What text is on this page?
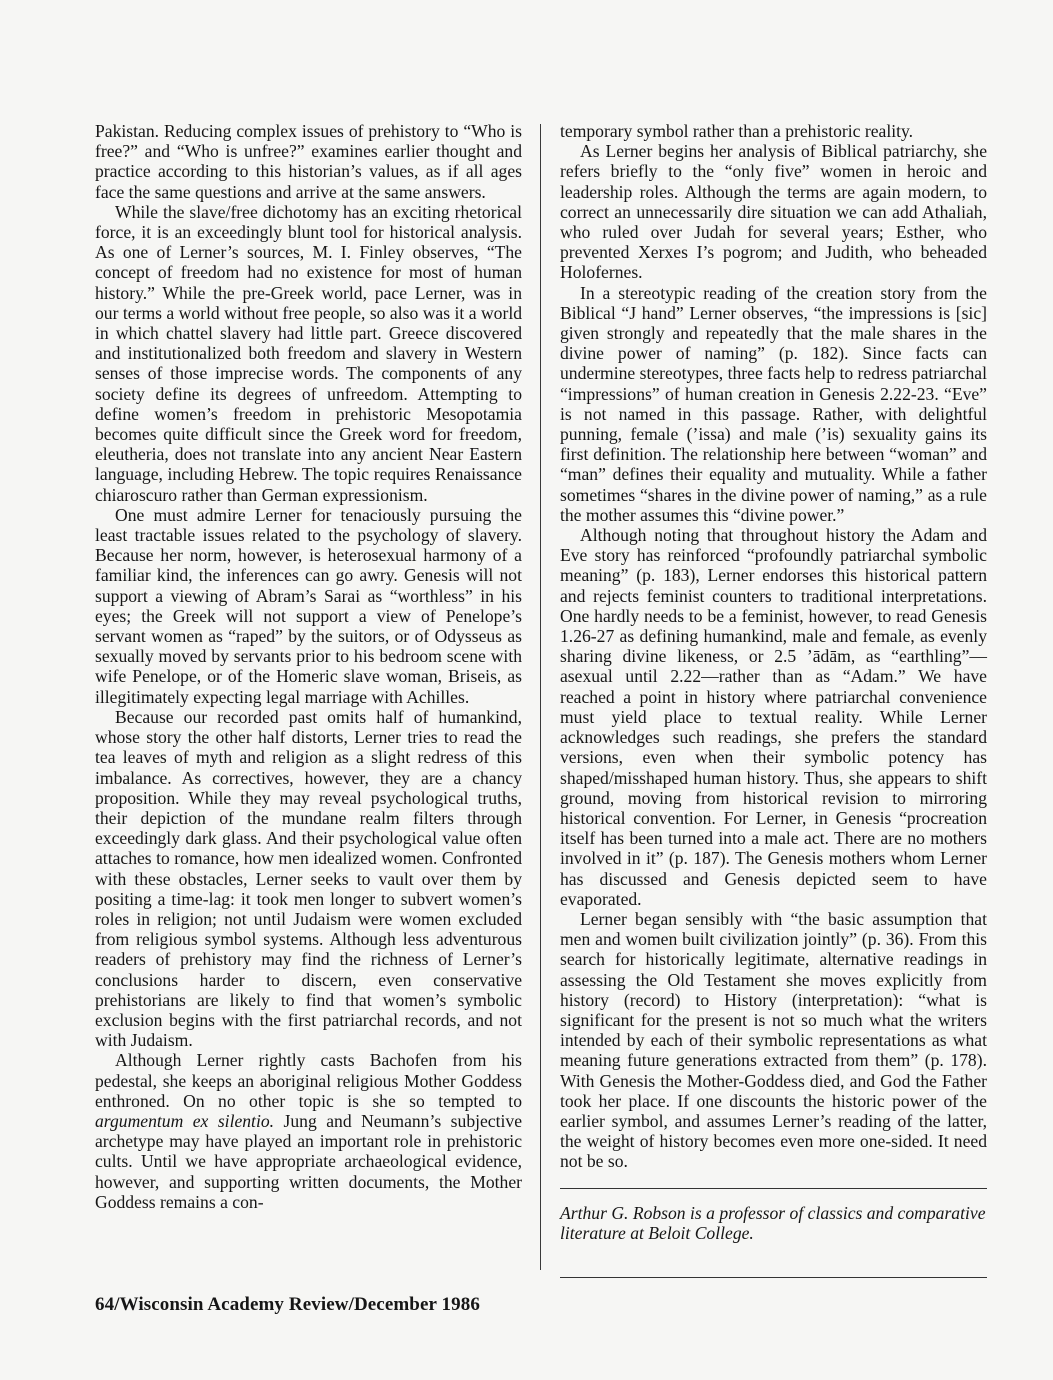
Pakistan. Reducing complex issues of prehistory to “Who is free?” and “Who is unfree?” examines earlier thought and practice according to this historian’s values, as if all ages face the same questions and arrive at the same answers.

While the slave/free dichotomy has an exciting rhetorical force, it is an exceedingly blunt tool for historical analysis. As one of Lerner’s sources, M. I. Finley observes, “The concept of freedom had no existence for most of human history.” While the pre-Greek world, pace Lerner, was in our terms a world without free people, so also was it a world in which chattel slavery had little part. Greece discovered and institutionalized both freedom and slavery in Western senses of those imprecise words. The components of any society define its degrees of unfreedom. Attempting to define women’s freedom in prehistoric Mesopotamia becomes quite difficult since the Greek word for freedom, eleutheria, does not translate into any ancient Near Eastern language, including Hebrew. The topic requires Renaissance chiaroscuro rather than German expressionism.

One must admire Lerner for tenaciously pursuing the least tractable issues related to the psychology of slavery. Because her norm, however, is heterosexual harmony of a familiar kind, the inferences can go awry. Genesis will not support a viewing of Abram’s Sarai as “worthless” in his eyes; the Greek will not support a view of Penelope’s servant women as “raped” by the suitors, or of Odysseus as sexually moved by servants prior to his bedroom scene with wife Penelope, or of the Homeric slave woman, Briseis, as illegitimately expecting legal marriage with Achilles.

Because our recorded past omits half of humankind, whose story the other half distorts, Lerner tries to read the tea leaves of myth and religion as a slight redress of this imbalance. As correctives, however, they are a chancy proposition. While they may reveal psychological truths, their depiction of the mundane realm filters through exceedingly dark glass. And their psychological value often attaches to romance, how men idealized women. Confronted with these obstacles, Lerner seeks to vault over them by positing a time-lag: it took men longer to subvert women’s roles in religion; not until Judaism were women excluded from religious symbol systems. Although less adventurous readers of prehistory may find the richness of Lerner’s conclusions harder to discern, even conservative prehistorians are likely to find that women’s symbolic exclusion begins with the first patriarchal records, and not with Judaism.

Although Lerner rightly casts Bachofen from his pedestal, she keeps an aboriginal religious Mother Goddess enthroned. On no other topic is she so tempted to argumentum ex silentio. Jung and Neumann’s subjective archetype may have played an important role in prehistoric cults. Until we have appropriate archaeological evidence, however, and supporting written documents, the Mother Goddess remains a con-

temporary symbol rather than a prehistoric reality.

As Lerner begins her analysis of Biblical patriarchy, she refers briefly to the “only five” women in heroic and leadership roles. Although the terms are again modern, to correct an unnecessarily dire situation we can add Athaliah, who ruled over Judah for several years; Esther, who prevented Xerxes I’s pogrom; and Judith, who beheaded Holofernes.

In a stereotypic reading of the creation story from the Biblical “J hand” Lerner observes, “the impressions is [sic] given strongly and repeatedly that the male shares in the divine power of naming” (p. 182). Since facts can undermine stereotypes, three facts help to redress patriarchal “impressions” of human creation in Genesis 2.22-23. “Eve” is not named in this passage. Rather, with delightful punning, female (’issa) and male (’is) sexuality gains its first definition. The relationship here between “woman” and “man” defines their equality and mutuality. While a father sometimes “shares in the divine power of naming,” as a rule the mother assumes this “divine power.”

Although noting that throughout history the Adam and Eve story has reinforced “profoundly patriarchal symbolic meaning” (p. 183), Lerner endorses this historical pattern and rejects feminist counters to traditional interpretations. One hardly needs to be a feminist, however, to read Genesis 1.26-27 as defining humankind, male and female, as evenly sharing divine likeness, or 2.5 ’ādām, as “earthling”—asexual until 2.22—rather than as “Adam.” We have reached a point in history where patriarchal convenience must yield place to textual reality. While Lerner acknowledges such readings, she prefers the standard versions, even when their symbolic potency has shaped/misshaped human history. Thus, she appears to shift ground, moving from historical revision to mirroring historical convention. For Lerner, in Genesis “procreation itself has been turned into a male act. There are no mothers involved in it” (p. 187). The Genesis mothers whom Lerner has discussed and Genesis depicted seem to have evaporated.

Lerner began sensibly with “the basic assumption that men and women built civilization jointly” (p. 36). From this search for historically legitimate, alternative readings in assessing the Old Testament she moves explicitly from history (record) to History (interpretation): “what is significant for the present is not so much what the writers intended by each of their symbolic representations as what meaning future generations extracted from them” (p. 178). With Genesis the Mother-Goddess died, and God the Father took her place. If one discounts the historic power of the earlier symbol, and assumes Lerner’s reading of the latter, the weight of history becomes even more one-sided. It need not be so.

Arthur G. Robson is a professor of classics and comparative literature at Beloit College.

64/Wisconsin Academy Review/December 1986
